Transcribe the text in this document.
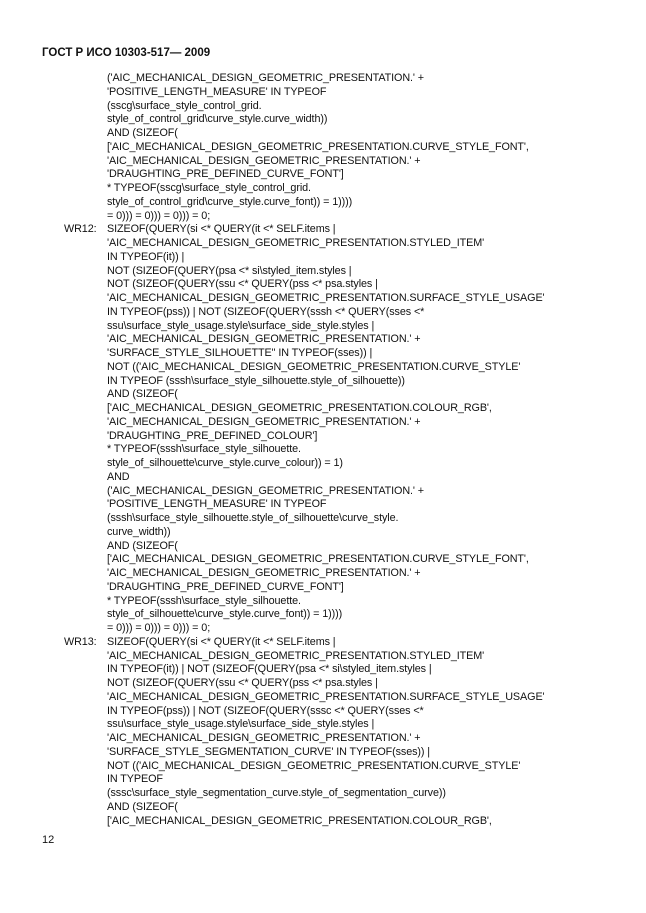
ГОСТ Р ИСО 10303-517— 2009
('AIC_MECHANICAL_DESIGN_GEOMETRIC_PRESENTATION.' +
'POSITIVE_LENGTH_MEASURE' IN TYPEOF
(sscg\surface_style_control_grid.
style_of_control_grid\curve_style.curve_width))
AND (SIZEOF(
['AIC_MECHANICAL_DESIGN_GEOMETRIC_PRESENTATION.CURVE_STYLE_FONT',
'AIC_MECHANICAL_DESIGN_GEOMETRIC_PRESENTATION.' +
'DRAUGHTING_PRE_DEFINED_CURVE_FONT']
* TYPEOF(sscg\surface_style_control_grid.
style_of_control_grid\curve_style.curve_font)) = 1))))
= 0))) = 0))) = 0))) = 0;
WR12: SIZEOF(QUERY(si <* QUERY(it <* SELF.items |
'AIC_MECHANICAL_DESIGN_GEOMETRIC_PRESENTATION.STYLED_ITEM'
IN TYPEOF(it)) |
NOT (SIZEOF(QUERY(psa <* si\styled_item.styles |
NOT (SIZEOF(QUERY(ssu <* QUERY(pss <* psa.styles |
'AIC_MECHANICAL_DESIGN_GEOMETRIC_PRESENTATION.SURFACE_STYLE_USAGE'
IN TYPEOF(pss)) | NOT (SIZEOF(QUERY(sssh <* QUERY(sses <*
ssu\surface_style_usage.style\surface_side_style.styles |
'AIC_MECHANICAL_DESIGN_GEOMETRIC_PRESENTATION.' +
'SURFACE_STYLE_SILHOUETTE'' IN TYPEOF(sses)) |
NOT (('AIC_MECHANICAL_DESIGN_GEOMETRIC_PRESENTATION.CURVE_STYLE'
IN TYPEOF (sssh\surface_style_silhouette.style_of_silhouette))
AND (SIZEOF(
['AIC_MECHANICAL_DESIGN_GEOMETRIC_PRESENTATION.COLOUR_RGB',
'AIC_MECHANICAL_DESIGN_GEOMETRIC_PRESENTATION.' +
'DRAUGHTING_PRE_DEFINED_COLOUR']
* TYPEOF(sssh\surface_style_silhouette.
style_of_silhouette\curve_style.curve_colour)) = 1)
AND
('AIC_MECHANICAL_DESIGN_GEOMETRIC_PRESENTATION.' +
'POSITIVE_LENGTH_MEASURE' IN TYPEOF
(sssh\surface_style_silhouette.style_of_silhouette\curve_style.
curve_width))
AND (SIZEOF(
['AIC_MECHANICAL_DESIGN_GEOMETRIC_PRESENTATION.CURVE_STYLE_FONT',
'AIC_MECHANICAL_DESIGN_GEOMETRIC_PRESENTATION.' +
'DRAUGHTING_PRE_DEFINED_CURVE_FONT']
* TYPEOF(sssh\surface_style_silhouette.
style_of_silhouette\curve_style.curve_font)) = 1))))
= 0))) = 0))) = 0))) = 0;
WR13: SIZEOF(QUERY(si <* QUERY(it <* SELF.items |
'AIC_MECHANICAL_DESIGN_GEOMETRIC_PRESENTATION.STYLED_ITEM'
IN TYPEOF(it)) | NOT (SIZEOF(QUERY(psa <* si\styled_item.styles |
NOT (SIZEOF(QUERY(ssu <* QUERY(pss <* psa.styles |
'AIC_MECHANICAL_DESIGN_GEOMETRIC_PRESENTATION.SURFACE_STYLE_USAGE'
IN TYPEOF(pss)) | NOT (SIZEOF(QUERY(sssc <* QUERY(sses <*
ssu\surface_style_usage.style\surface_side_style.styles |
'AIC_MECHANICAL_DESIGN_GEOMETRIC_PRESENTATION.' +
'SURFACE_STYLE_SEGMENTATION_CURVE' IN TYPEOF(sses)) |
NOT (('AIC_MECHANICAL_DESIGN_GEOMETRIC_PRESENTATION.CURVE_STYLE'
IN TYPEOF
(sssc\surface_style_segmentation_curve.style_of_segmentation_curve))
AND (SIZEOF(
['AIC_MECHANICAL_DESIGN_GEOMETRIC_PRESENTATION.COLOUR_RGB',
12
